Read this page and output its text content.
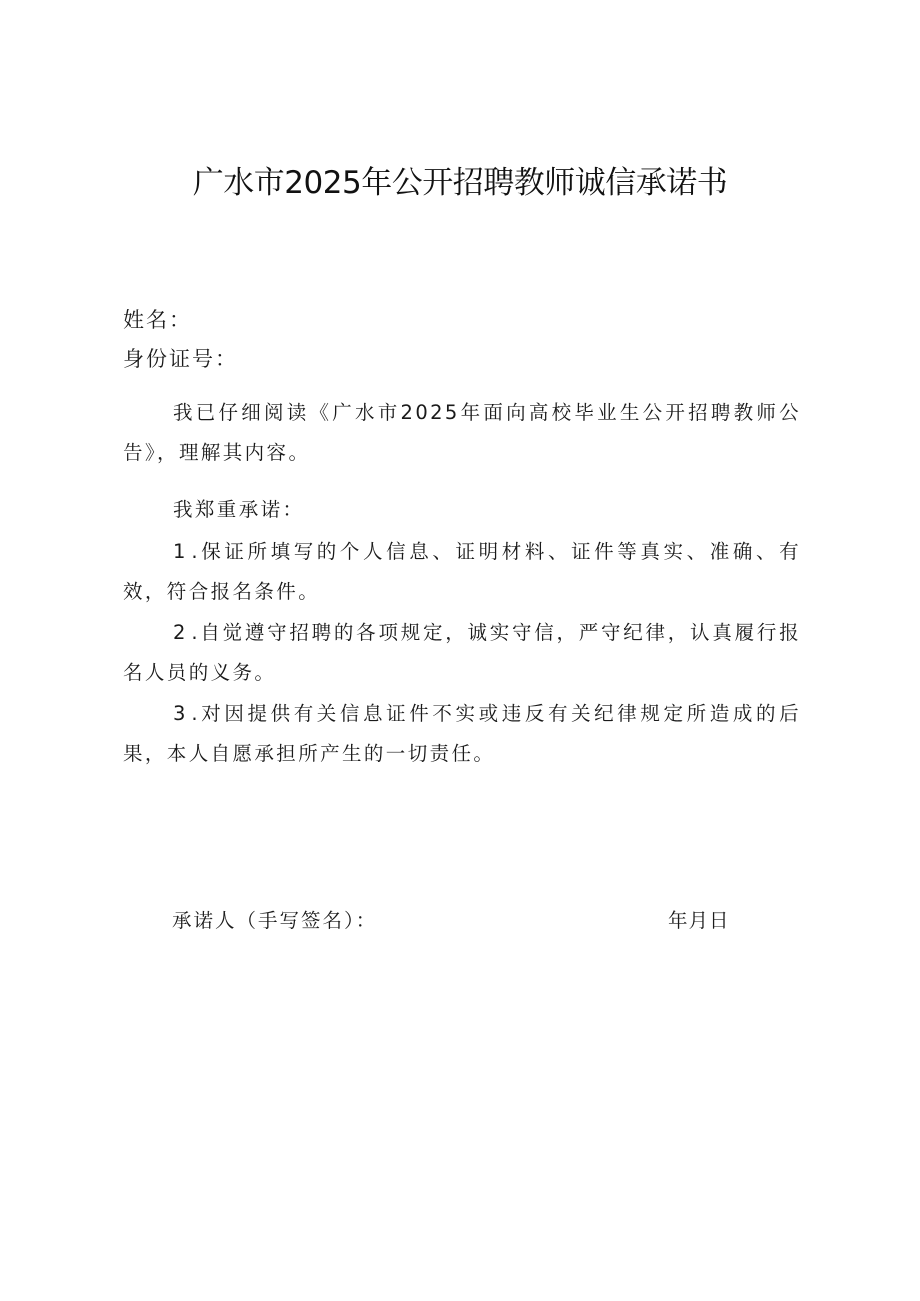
广水市2025年公开招聘教师诚信承诺书
姓名：
身份证号：

我已仔细阅读《广水市2025年面向高校毕业生公开招聘教师公告》，理解其内容。

我郑重承诺：

1.保证所填写的个人信息、证明材料、证件等真实、准确、有效，符合报名条件。

2.自觉遵守招聘的各项规定，诚实守信，严守纪律，认真履行报名人员的义务。

3.对因提供有关信息证件不实或违反有关纪律规定所造成的后果，本人自愿承担所产生的一切责任。

承诺人（手写签名）：	年月日
